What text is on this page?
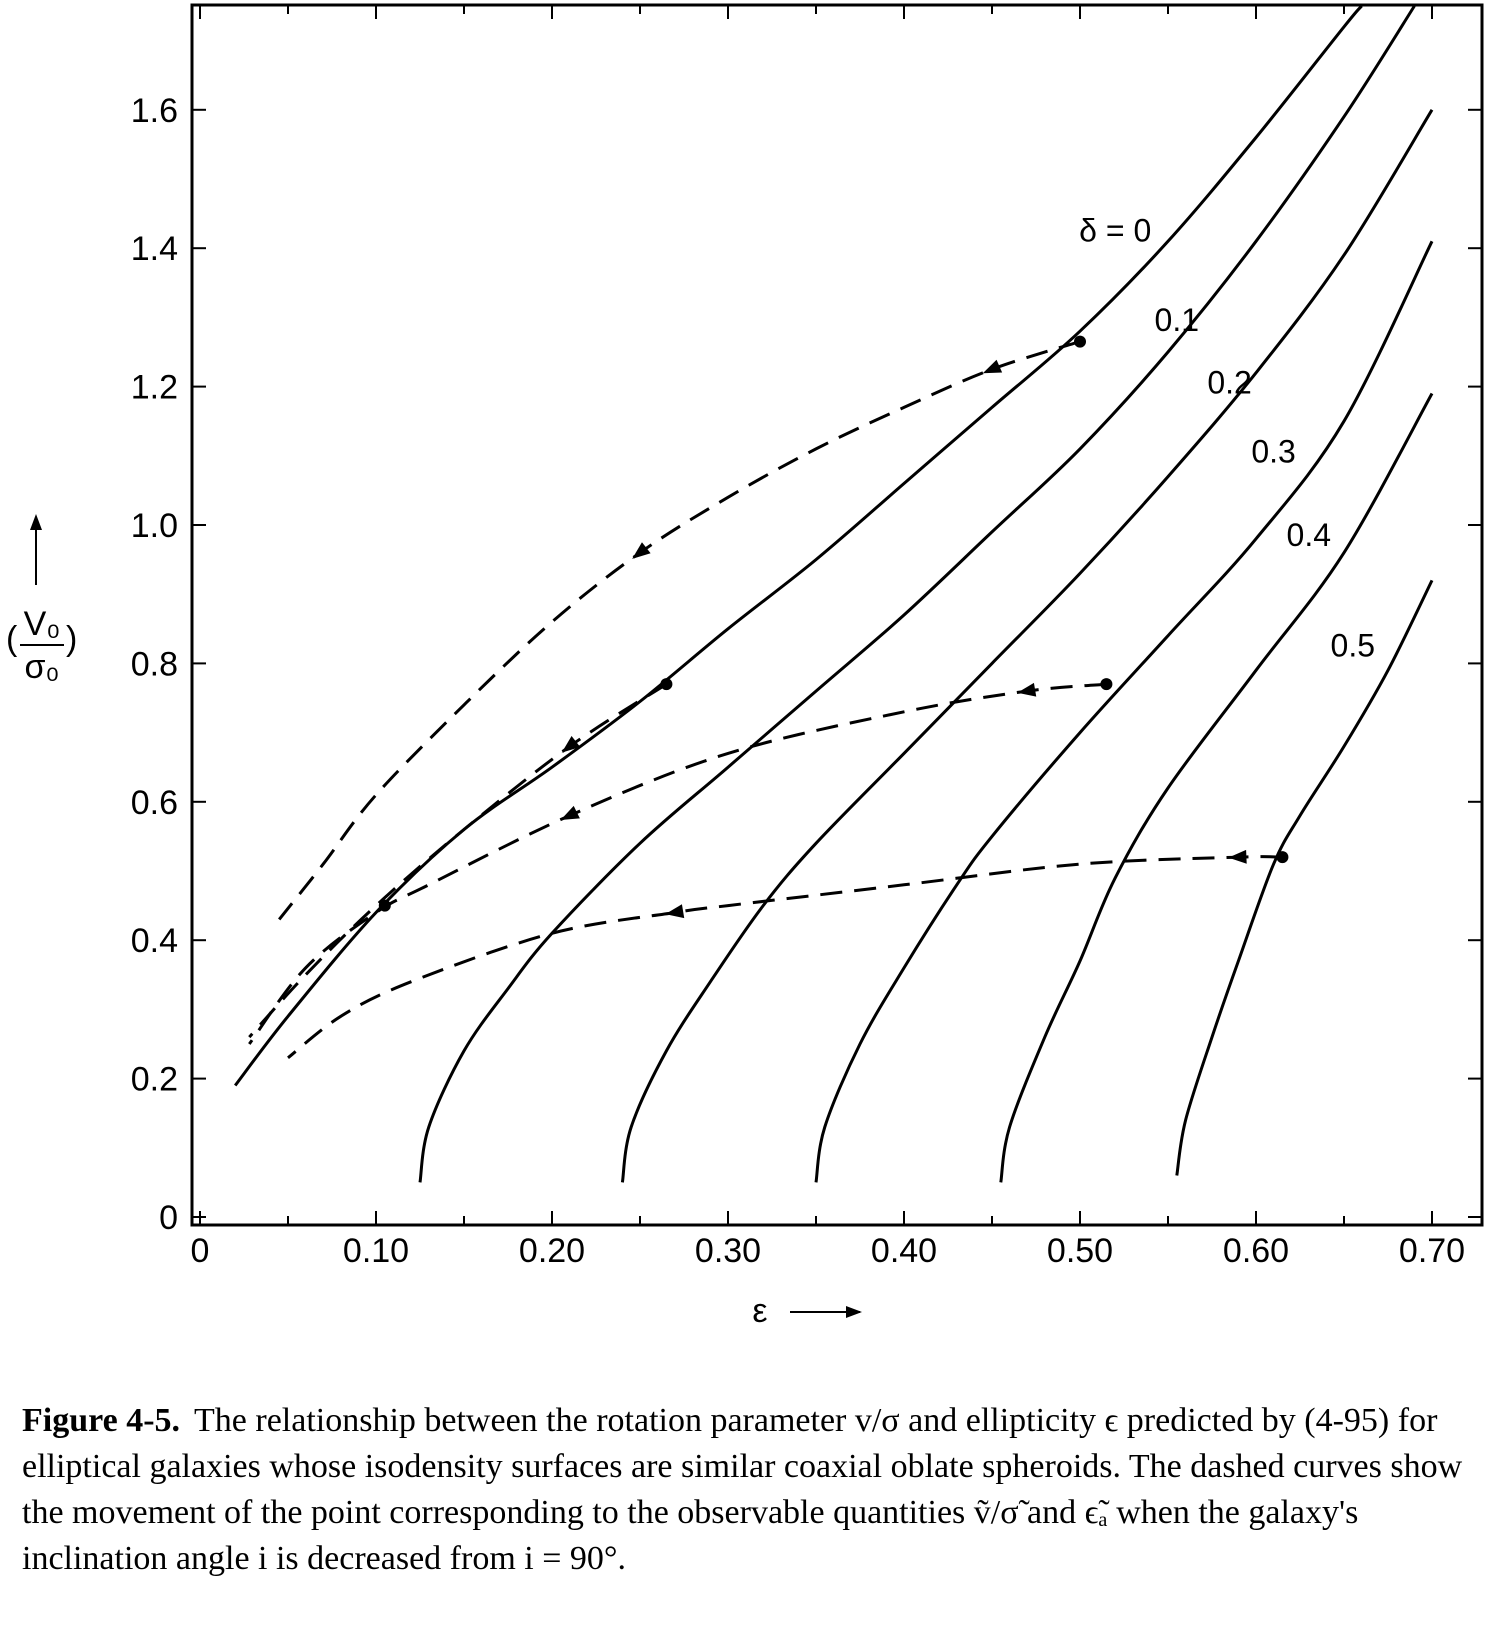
δ = 0
0.1
0.2
0.3
0.4
0.5
0	0.10	0.20	0.30	0.40	0.50	0.60	0.70
0
0.2
0.4
0.6
0.8
1.0
1.2
1.4
1.6
ε
( V₀
σ₀
)
Figure 4-5. The relationship between the rotation parameter v/σ and ellipticity ϵ predicted by (4-95) for elliptical galaxies whose isodensity surfaces are similar coaxial oblate spheroids. The dashed curves show the movement of the point corresponding to the observable quantities ṽ/σ̃ and ϵ̃ₐ when the galaxy's inclination angle i is decreased from i = 90°.
